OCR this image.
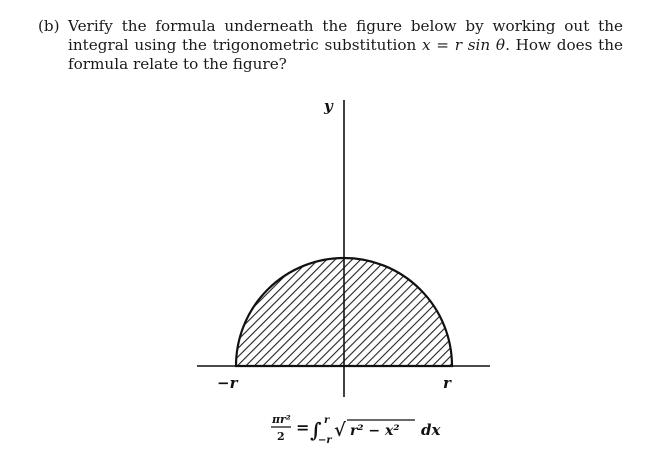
(b) Verify the formula underneath the figure below by working out the integral using the trigonometric substitution x = r sin θ. How does the formula relate to the figure?
y
−r	r
πr²
2 = ∫ r
−r √ r² − x² dx
